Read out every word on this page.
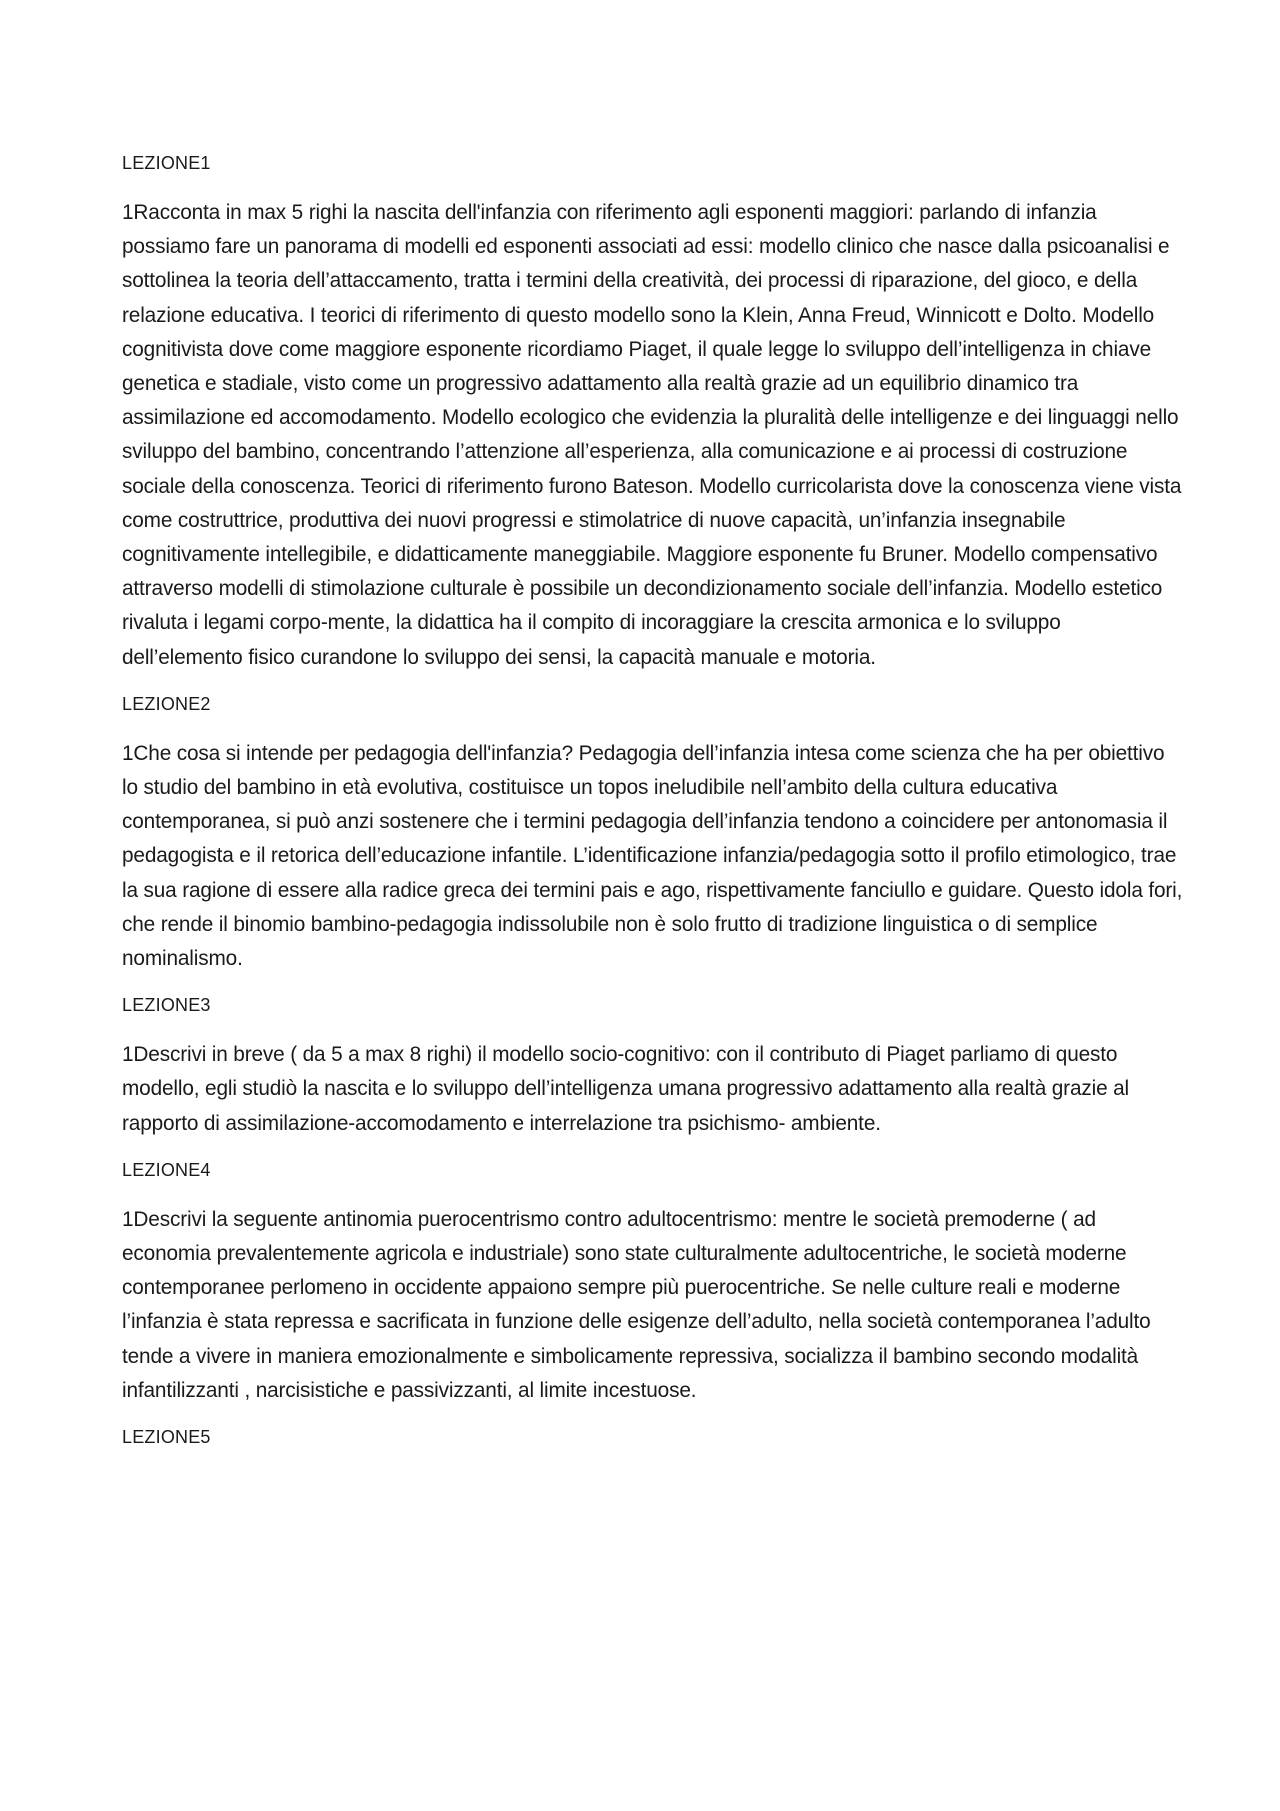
LEZIONE1

1Racconta in max 5 righi la nascita dell'infanzia con riferimento agli esponenti maggiori: parlando di infanzia possiamo fare un panorama di modelli ed esponenti associati ad essi: modello clinico che nasce dalla psicoanalisi e sottolinea la teoria dell’attaccamento, tratta i termini della creatività, dei processi di riparazione, del gioco, e della relazione educativa. I teorici di riferimento di questo modello sono la Klein, Anna Freud, Winnicott e Dolto. Modello cognitivista dove come maggiore esponente ricordiamo Piaget, il quale legge lo sviluppo dell’intelligenza in chiave genetica e stadiale, visto come un progressivo adattamento alla realtà grazie ad un equilibrio dinamico tra assimilazione ed accomodamento. Modello ecologico che evidenzia la pluralità delle intelligenze e dei linguaggi nello sviluppo del bambino, concentrando l’attenzione all’esperienza, alla comunicazione e ai processi di costruzione sociale della conoscenza. Teorici di riferimento furono Bateson. Modello curricolarista dove la conoscenza viene vista come costruttrice, produttiva dei nuovi progressi e stimolatrice di nuove capacità, un’infanzia insegnabile cognitivamente intellegibile, e didatticamente maneggiabile. Maggiore esponente fu Bruner. Modello compensativo attraverso modelli di stimolazione culturale è possibile un decondizionamento sociale dell’infanzia. Modello estetico rivaluta i legami corpo-mente, la didattica ha il compito di incoraggiare la crescita armonica e lo sviluppo dell’elemento fisico curandone lo sviluppo dei sensi, la capacità manuale e motoria.

LEZIONE2

1Che cosa si intende per pedagogia dell'infanzia? Pedagogia dell’infanzia intesa come scienza che ha per obiettivo lo studio del bambino in età evolutiva, costituisce un topos ineludibile nell’ambito della cultura educativa contemporanea, si può anzi sostenere che i termini pedagogia dell’infanzia tendono a coincidere per antonomasia il pedagogista e il retorica dell’educazione infantile. L’identificazione infanzia/pedagogia sotto il profilo etimologico, trae la sua ragione di essere alla radice greca dei termini pais e ago, rispettivamente fanciullo e guidare. Questo idola fori, che rende il binomio bambino-pedagogia indissolubile non è solo frutto di tradizione linguistica o di semplice nominalismo.

LEZIONE3

1Descrivi in breve ( da 5 a max 8 righi) il modello socio-cognitivo: con il contributo di Piaget parliamo di questo modello, egli studiò la nascita e lo sviluppo dell’intelligenza umana progressivo adattamento alla realtà grazie al rapporto di assimilazione-accomodamento e interrelazione tra psichismo- ambiente.

LEZIONE4

1Descrivi la seguente antinomia puerocentrismo contro adultocentrismo: mentre le società premoderne ( ad economia prevalentemente agricola e industriale) sono state culturalmente adultocentriche, le società moderne contemporanee perlomeno in occidente appaiono sempre più puerocentriche. Se nelle culture reali e moderne l’infanzia è stata repressa e sacrificata in funzione delle esigenze dell’adulto, nella società contemporanea l’adulto tende a vivere in maniera emozionalmente e simbolicamente repressiva, socializza il bambino secondo modalità infantilizzanti , narcisistiche e passivizzanti, al limite incestuose.

LEZIONE5
